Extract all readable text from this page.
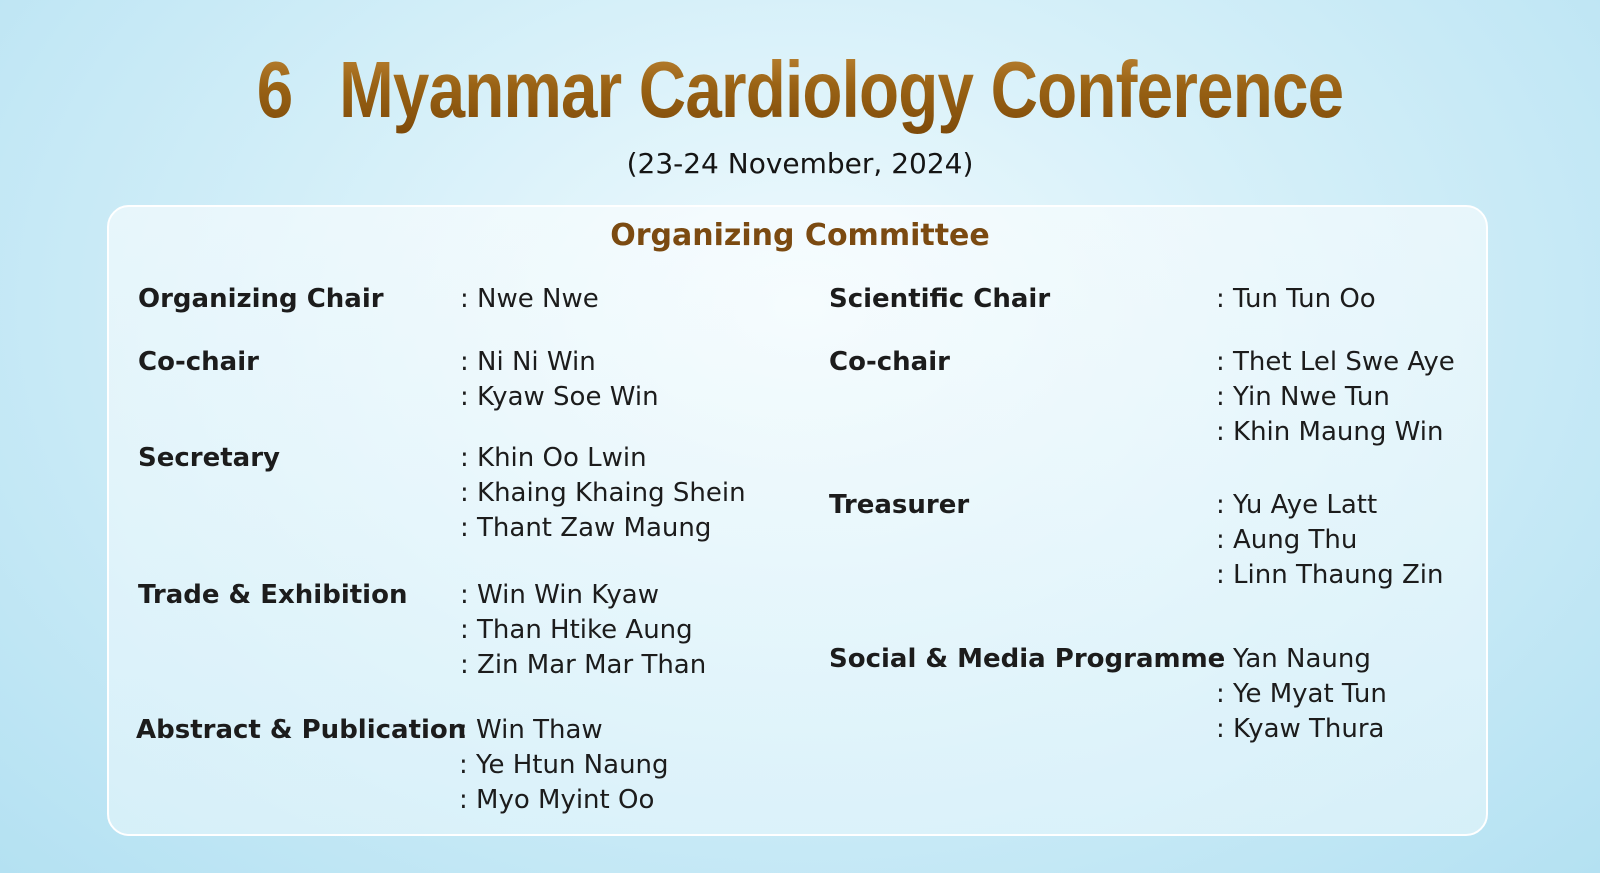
6th Myanmar Cardiology Conference
(23-24 November, 2024)
Organizing Committee
Organizing Chair	: Nwe Nwe
Co-chair	: Ni Ni Win
: Kyaw Soe Win
Secretary	: Khin Oo Lwin
: Khaing Khaing Shein
: Thant Zaw Maung
Trade & Exhibition : Win Win Kyaw
: Than Htike Aung
: Zin Mar Mar Than
Abstract & Publication
: Win Thaw
: Ye Htun Naung
: Myo Myint Oo
Scientific Chair	: Tun Tun Oo
Co-chair	: Thet Lel Swe Aye
: Yin Nwe Tun
: Khin Maung Win
Treasurer	: Yu Aye Latt
: Aung Thu
: Linn Thaung Zin
Social & Media Programme
: Yan Naung
: Ye Myat Tun
: Kyaw Thura
